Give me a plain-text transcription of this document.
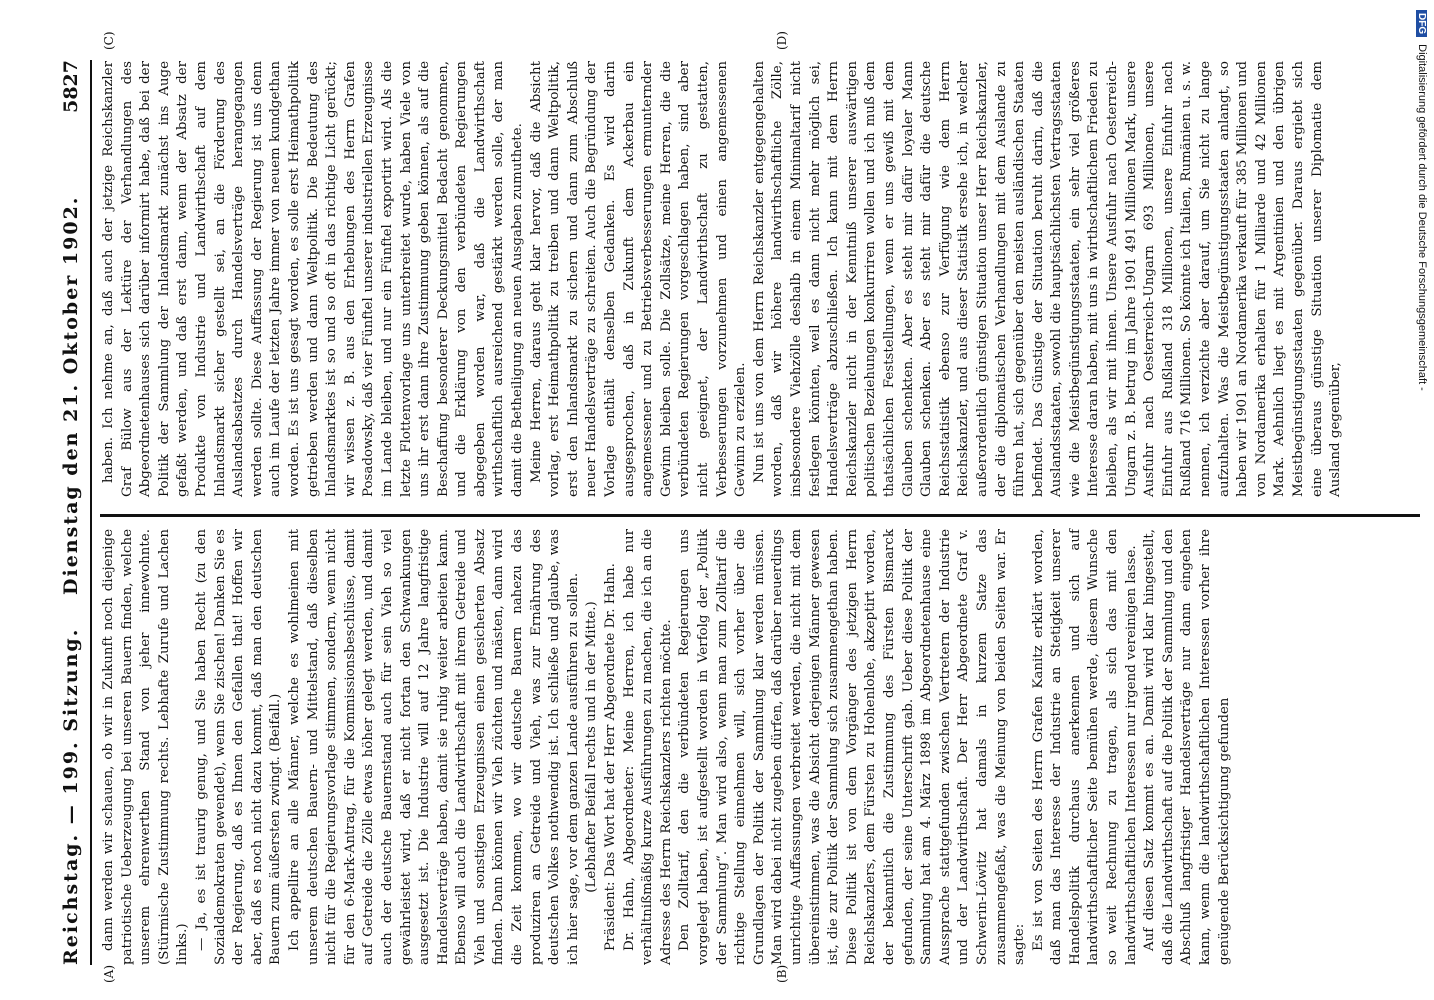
Reichstag. — 199. Sitzung.
Dienstag den 21. Oktober 1902.
5827

dann werden wir schauen, ob wir in Zukunft noch diejenige patriotische Ueberzeugung bei unseren Bauern finden, welche unserem ehrenwerthen Stand von jeher innewohnte. (Stürmische Zustimmung rechts. Lebhafte Zurufe und Lachen links.) — Ja, es ist traurig genug, und Sie haben Recht (zu den Sozialdemokraten gewendet), wenn Sie zischen! Danken Sie es der Regierung, daß es Ihnen den Gefallen that! Hoffen wir aber, daß es noch nicht dazu kommt, daß man den deutschen Bauern zum äußersten zwingt. (Beifall.) Ich appellire an alle Männer, welche es wohlmeinen mit unserem deutschen Bauern- und Mittelstand, daß dieselben nicht für die Regierungsvorlage stimmen, sondern, wenn nicht für den 6-Mark-Antrag, für die Kommissionsbeschlüsse, damit auf Getreide die Zölle etwas höher gelegt werden, und damit auch der deutsche Bauernstand auch für sein Vieh so viel gewährleistet wird, daß er nicht fortan den Schwankungen ausgesetzt ist. Die Industrie will auf 12 Jahre langfristige Handelsverträge haben, damit sie ruhig weiter arbeiten kann. Ebenso will auch die Landwirthschaft mit ihrem Getreide und Vieh und sonstigen Erzeugnissen einen gesicherten Absatz finden. Dann können wir Vieh züchten und mästen, dann wird die Zeit kommen, wo wir deutsche Bauern nahezu das produziren an Getreide und Vieh, was zur Ernährung des deutschen Volkes nothwendig ist. Ich schließe und glaube, was ich hier sage, vor dem ganzen Lande ausführen zu sollen. (Lebhafter Beifall rechts und in der Mitte.) Präsident: Das Wort hat der Herr Abgeordnete Dr. Hahn. Dr. Hahn, Abgeordneter: Meine Herren, ich habe nur verhältnißmäßig kurze Ausführungen zu machen, die ich an die Adresse des Herrn Reichskanzlers richten möchte. Den Zolltarif, den die verbündeten Regierungen uns vorgelegt haben, ist aufgestellt worden in Verfolg der „Politik der Sammlung“. Man wird also, wenn man zum Zolltarif die richtige Stellung einnehmen will, sich vorher über die Grundlagen der Politik der Sammlung klar werden müssen. Man wird dabei nicht zugeben dürfen, daß darüber neuerdings unrichtige Auffassungen verbreitet werden, die nicht mit dem übereinstimmen, was die Absicht derjenigen Männer gewesen ist, die zur Politik der Sammlung sich zusammengethan haben. Diese Politik ist von dem Vorgänger des jetzigen Herrn Reichskanzlers, dem Fürsten zu Hohenlohe, akzeptirt worden, der bekanntlich die Zustimmung des Fürsten Bismarck gefunden, der seine Unterschrift gab. Ueber diese Politik der Sammlung hat am 4. März 1898 im Abgeordnetenhause eine Aussprache stattgefunden zwischen Vertretern der Industrie und der Landwirthschaft. Der Herr Abgeordnete Graf v. Schwerin-Löwitz hat damals in kurzem Satze das zusammengefaßt, was die Meinung von beiden Seiten war. Er sagte: Es ist von Seiten des Herrn Grafen Kanitz erklärt worden, daß man das Interesse der Industrie an Stetigkeit unserer Handelspolitik durchaus anerkennen und sich auf landwirthschaftlicher Seite bemühen werde, diesem Wunsche so weit Rechnung zu tragen, als sich das mit den landwirthschaftlichen Interessen nur irgend vereinigen lasse. Auf diesen Satz kommt es an. Damit wird klar hingestellt, daß die Landwirthschaft auf die Politik der Sammlung und den Abschluß langfristiger Handelsverträge nur dann eingehen kann, wenn die landwirthschaftlichen Interessen vorher ihre genügende Berücksichtigung gefunden

haben. Ich nehme an, daß auch der jetzige Reichskanzler Graf Bülow aus der Lektüre der Verhandlungen des Abgeordnetenhauses sich darüber informirt habe, daß bei der Politik der Sammlung der Inlandsmarkt zunächst ins Auge gefaßt werden, und daß erst dann, wenn der Absatz der Produkte von Industrie und Landwirthschaft auf dem Inlandsmarkt sicher gestellt sei, an die Förderung des Auslandsabsatzes durch Handelsverträge herangegangen werden sollte. Diese Auffassung der Regierung ist uns denn auch im Laufe der letzten Jahre immer von neuem kundgethan worden. Es ist uns gesagt worden, es solle erst Heimathpolitik getrieben werden und dann Weltpolitik. Die Bedeutung des Inlandsmarktes ist so und so oft in das richtige Licht gerückt; wir wissen z. B. aus den Erhebungen des Herrn Grafen Posadowsky, daß vier Fünftel unserer industriellen Erzeugnisse im Lande bleiben, und nur ein Fünftel exportirt wird. Als die letzte Flottenvorlage uns unterbreitet wurde, haben Viele von uns ihr erst dann ihre Zustimmung geben können, als auf die Beschaffung besonderer Deckungsmittel Bedacht genommen, und die Erklärung von den verbündeten Regierungen abgegeben worden war, daß die Landwirthschaft wirthschaftlich ausreichend gestärkt werden solle, der man damit die Betheiligung an neuen Ausgaben zumuthete. Meine Herren, daraus geht klar hervor, daß die Absicht vorlag, erst Heimathpolitik zu treiben und dann Weltpolitik, erst den Inlandsmarkt zu sichern und dann zum Abschluß neuer Handelsverträge zu schreiten. Auch die Begründung der Vorlage enthält denselben Gedanken. Es wird darin ausgesprochen, daß in Zukunft dem Ackerbau ein angemessener und zu Betriebsverbesserungen ermunternder Gewinn bleiben solle. Die Zollsätze, meine Herren, die die verbündeten Regierungen vorgeschlagen haben, sind aber nicht geeignet, der Landwirthschaft zu gestatten, Verbesserungen vorzunehmen und einen angemessenen Gewinn zu erzielen. Nun ist uns von dem Herrn Reichskanzler entgegengehalten worden, daß wir höhere landwirthschaftliche Zölle, insbesondere Viehzölle deshalb in einem Minimaltarif nicht festlegen könnten, weil es dann nicht mehr möglich sei, Handelsverträge abzuschließen. Ich kann mit dem Herrn Reichskanzler nicht in der Kenntniß unserer auswärtigen politischen Beziehungen konkurriren wollen und ich muß dem thatsächlichen Feststellungen, wenn er uns gewiß mit dem Glauben schenkten. Aber es steht mir dafür loyaler Mann Glauben schenken. Aber es steht mir dafür die deutsche Reichsstatistik ebenso zur Verfügung wie dem Herrn Reichskanzler, und aus dieser Statistik ersehe ich, in welcher außerordentlich günstigen Situation unser Herr Reichskanzler, der die diplomatischen Verhandlungen mit dem Auslande zu führen hat, sich gegenüber den meisten ausländischen Staaten befindet. Das Günstige der Situation beruht darin, daß die Auslandsstaaten, sowohl die hauptsächlichsten Vertragsstaaten wie die Meistbegünstigungsstaaten, ein sehr viel größeres Interesse daran haben, mit uns in wirthschaftlichem Frieden zu bleiben, als wir mit ihnen. Unsere Ausfuhr nach Oesterreich-Ungarn z. B. betrug im Jahre 1901 491 Millionen Mark, unsere Ausfuhr nach Oesterreich-Ungarn 693 Millionen, unsere Einfuhr aus Rußland 318 Millionen, unsere Einfuhr nach Rußland 716 Millionen. So könnte ich Italien, Rumänien u. s. w. nennen, ich verzichte aber darauf, um Sie nicht zu lange aufzuhalten. Was die Meistbegünstigungsstaaten anlangt, so haben wir 1901 an Nordamerika verkauft für 385 Millionen und von Nordamerika erhalten für 1 Milliarde und 42 Millionen Mark. Aehnlich liegt es mit Argentinien und den übrigen Meistbegünstigungsstaaten gegenüber. Daraus ergiebt sich eine überaus günstige Situation unserer Diplomatie dem Ausland gegenüber,

(A)	(B)
(C)	(D)
DFG Digitalisierung gefördert durch die Deutsche Forschungsgemeinschaft -
